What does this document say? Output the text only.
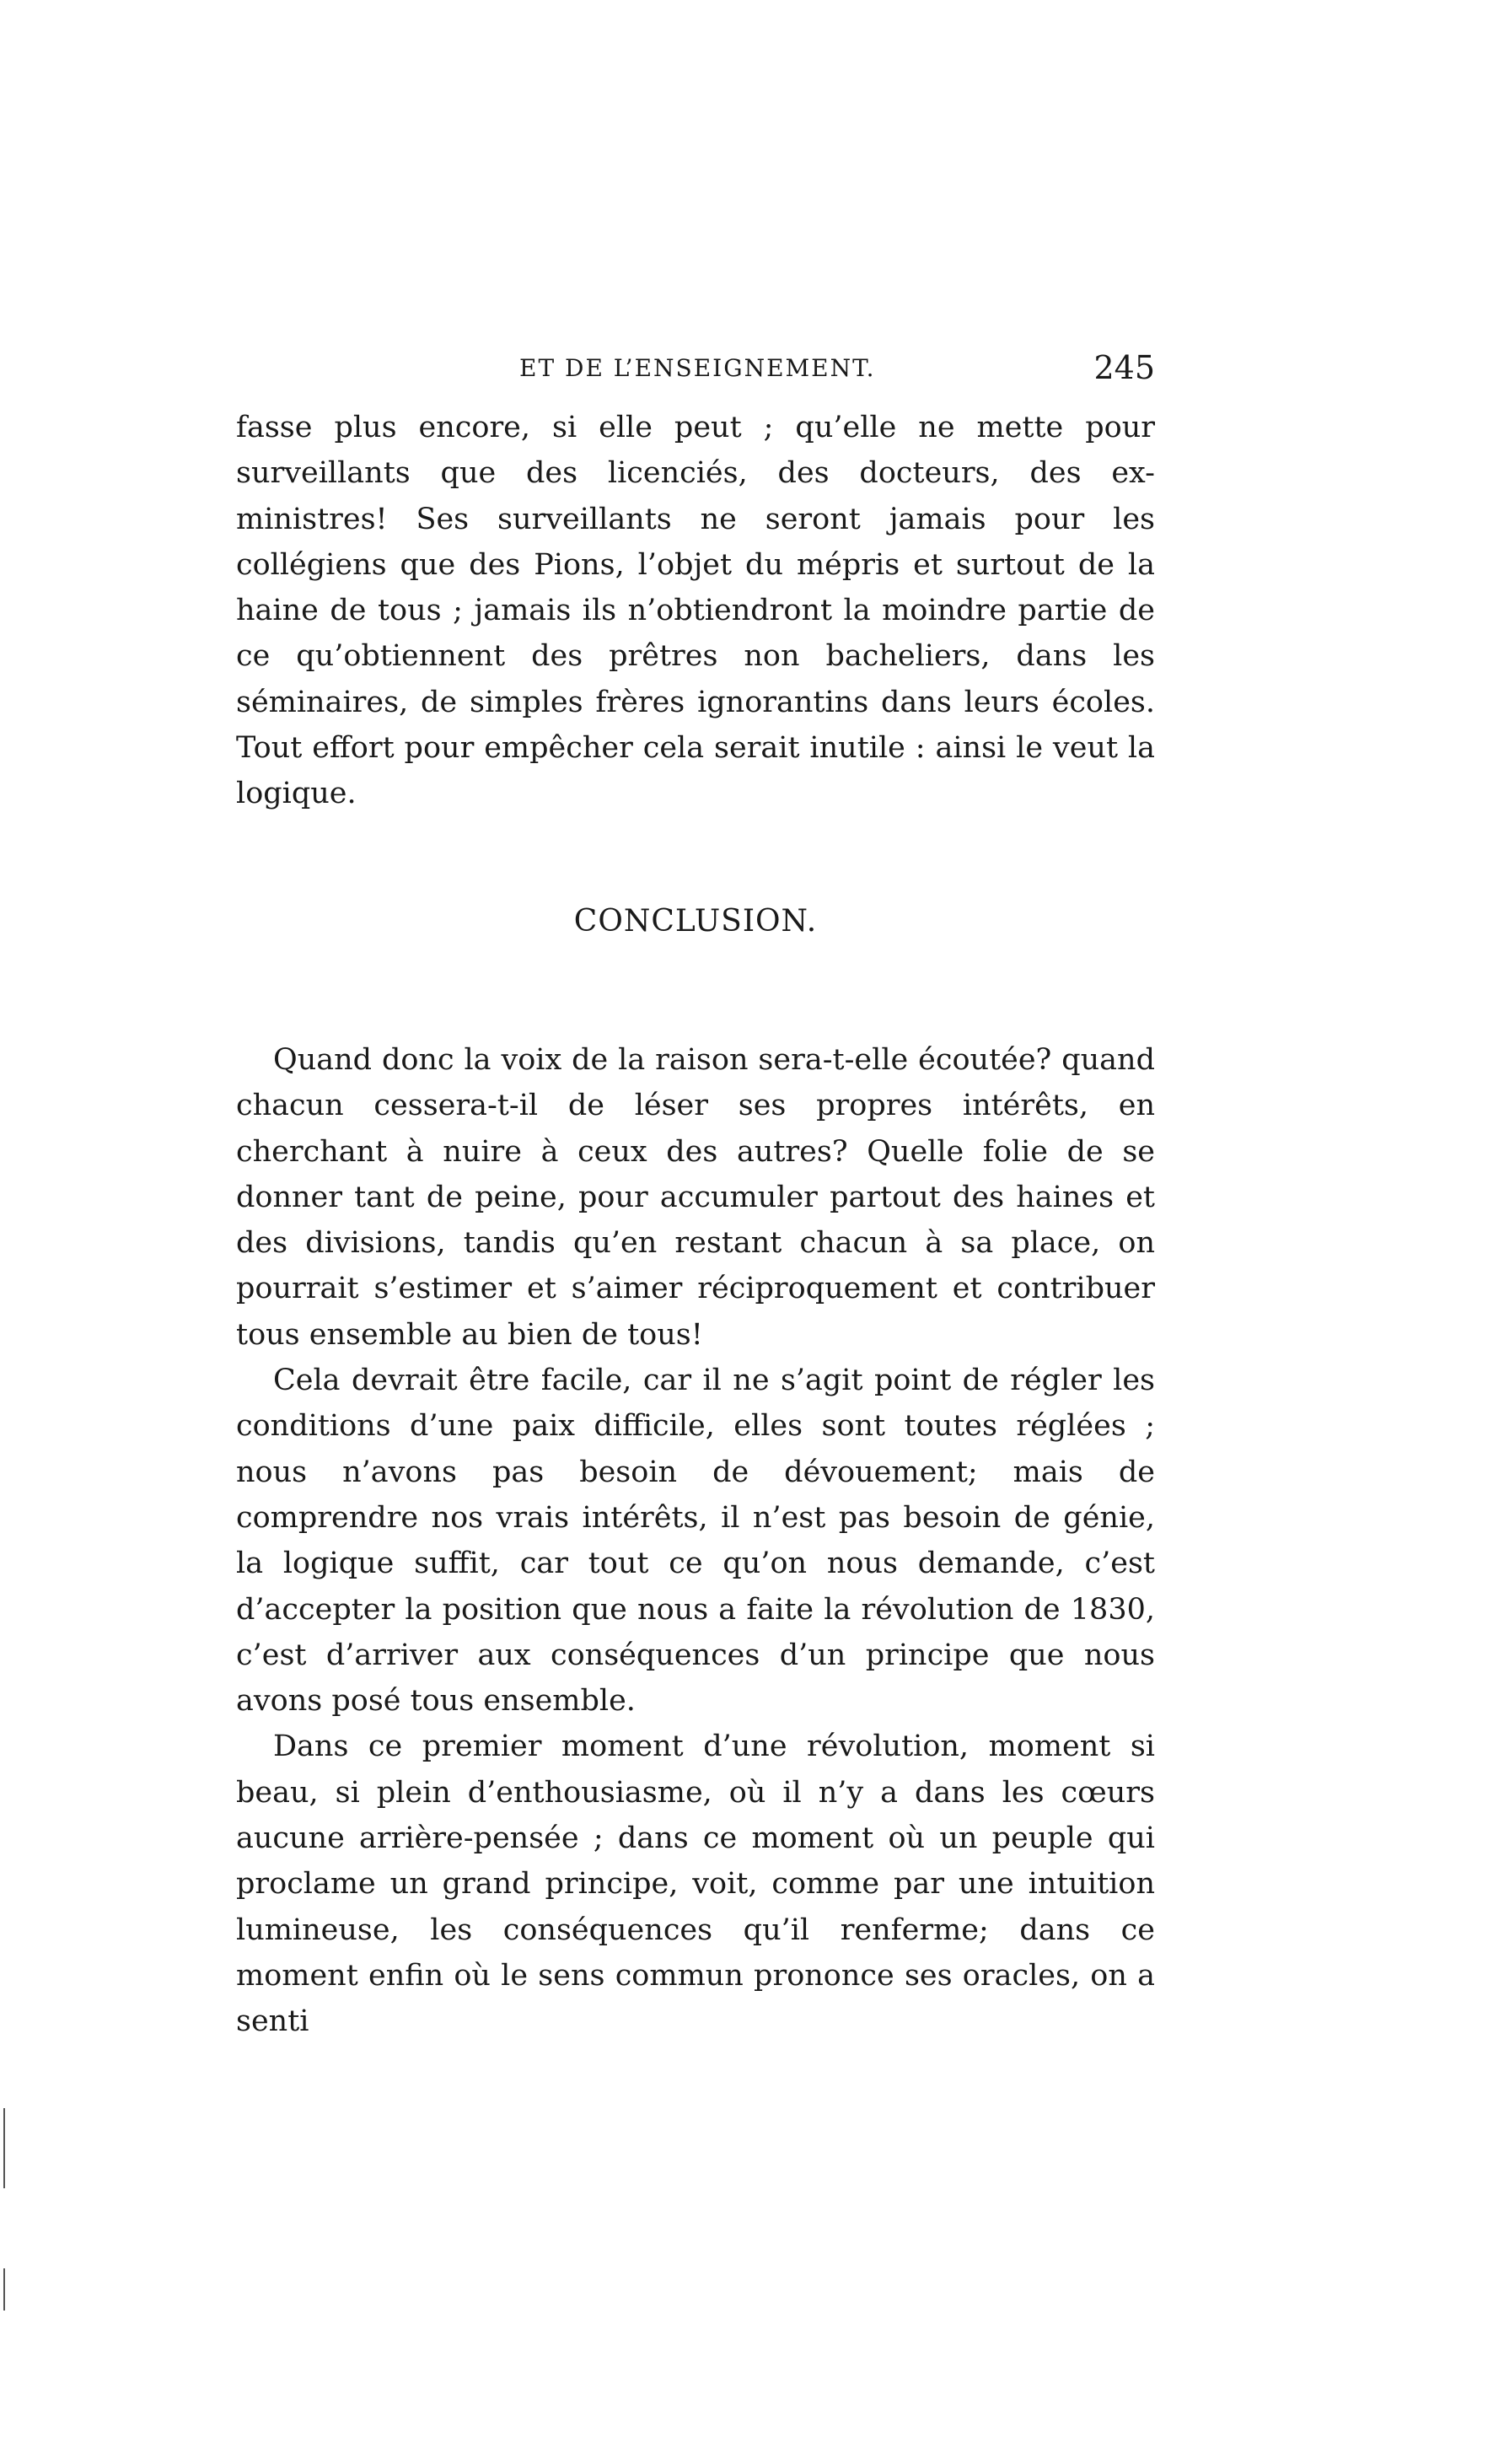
ET DE L’ENSEIGNEMENT.	245

fasse plus encore, si elle peut ; qu’elle ne mette pour surveillants que des licenciés, des docteurs, des ex-ministres! Ses surveillants ne seront jamais pour les collégiens que des Pions, l’objet du mépris et surtout de la haine de tous ; jamais ils n’obtiendront la moindre partie de ce qu’obtiennent des prêtres non bacheliers, dans les séminaires, de simples frères ignorantins dans leurs écoles. Tout effort pour empêcher cela serait inutile : ainsi le veut la logique.

CONCLUSION.

Quand donc la voix de la raison sera-t-elle écoutée? quand chacun cessera-t-il de léser ses propres intérêts, en cherchant à nuire à ceux des autres? Quelle folie de se donner tant de peine, pour accumuler partout des haines et des divisions, tandis qu’en restant chacun à sa place, on pourrait s’estimer et s’aimer réciproquement et contribuer tous ensemble au bien de tous!

Cela devrait être facile, car il ne s’agit point de régler les conditions d’une paix difficile, elles sont toutes réglées ; nous n’avons pas besoin de dévouement; mais de comprendre nos vrais intérêts, il n’est pas besoin de génie, la logique suffit, car tout ce qu’on nous demande, c’est d’accepter la position que nous a faite la révolution de 1830, c’est d’arriver aux conséquences d’un principe que nous avons posé tous ensemble.

Dans ce premier moment d’une révolution, moment si beau, si plein d’enthousiasme, où il n’y a dans les cœurs aucune arrière-pensée ; dans ce moment où un peuple qui proclame un grand principe, voit, comme par une intuition lumineuse, les conséquences qu’il renferme; dans ce moment enfin où le sens commun prononce ses oracles, on a senti
